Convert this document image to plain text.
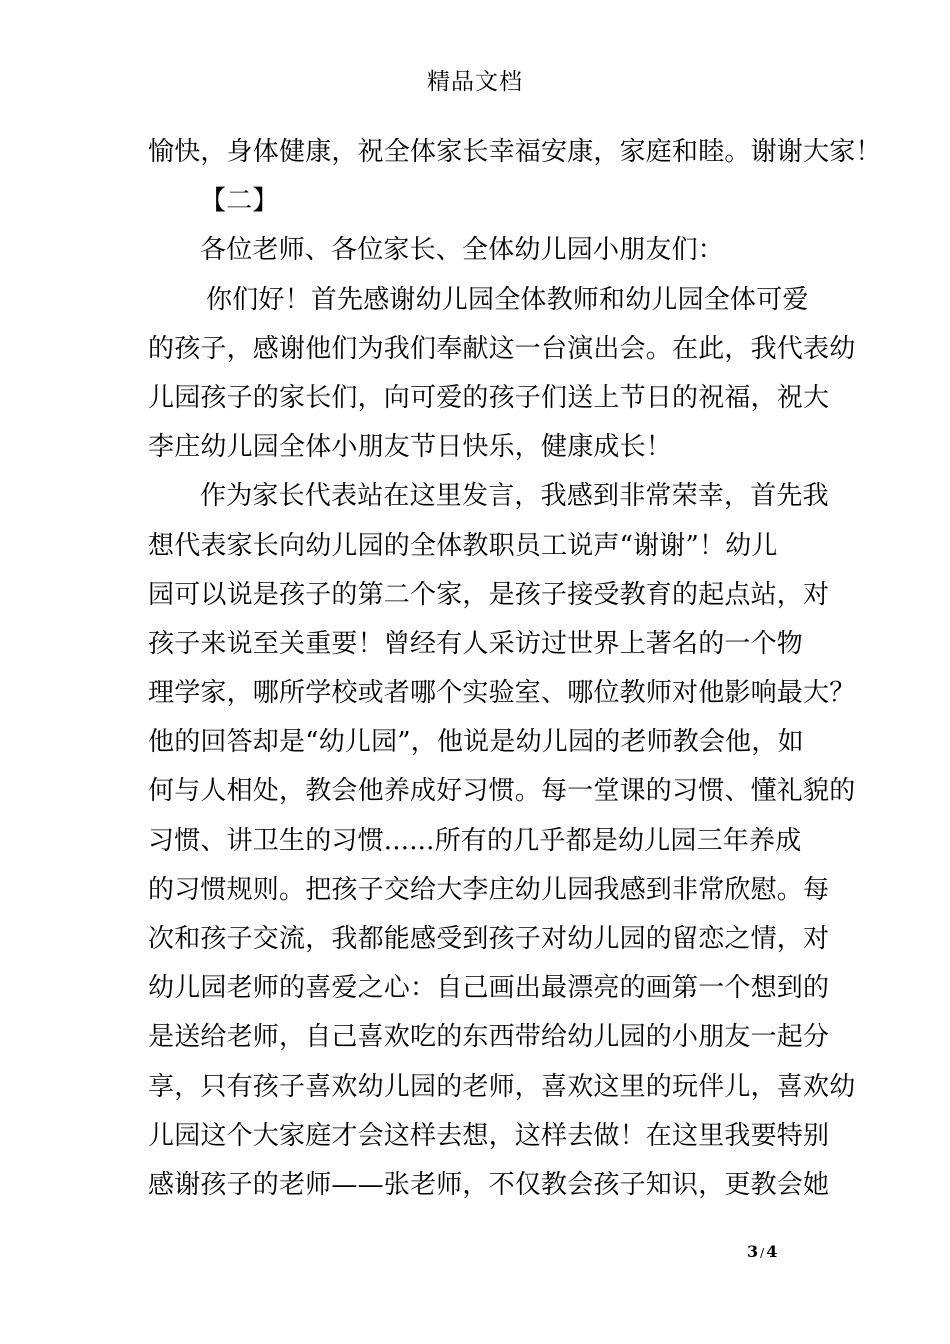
精品文档
愉快，身体健康，祝全体家长幸福安康，家庭和睦。谢谢大家！
【二】
各位老师、各位家长、全体幼儿园小朋友们：
你们好！首先感谢幼儿园全体教师和幼儿园全体可爱
的孩子，感谢他们为我们奉献这一台演出会。在此，我代表幼
儿园孩子的家长们，向可爱的孩子们送上节日的祝福，祝大
李庄幼儿园全体小朋友节日快乐，健康成长！
作为家长代表站在这里发言，我感到非常荣幸，首先我
想代表家长向幼儿园的全体教职员工说声“谢谢”！幼儿
园可以说是孩子的第二个家，是孩子接受教育的起点站，对
孩子来说至关重要！曾经有人采访过世界上著名的一个物
理学家，哪所学校或者哪个实验室、哪位教师对他影响最大？
他的回答却是“幼儿园”，他说是幼儿园的老师教会他，如
何与人相处，教会他养成好习惯。每一堂课的习惯、懂礼貌的
习惯、讲卫生的习惯......所有的几乎都是幼儿园三年养成
的习惯规则。把孩子交给大李庄幼儿园我感到非常欣慰。每
次和孩子交流，我都能感受到孩子对幼儿园的留恋之情，对
幼儿园老师的喜爱之心：自己画出最漂亮的画第一个想到的
是送给老师，自己喜欢吃的东西带给幼儿园的小朋友一起分
享，只有孩子喜欢幼儿园的老师，喜欢这里的玩伴儿，喜欢幼
儿园这个大家庭才会这样去想，这样去做！在这里我要特别
感谢孩子的老师——张老师，不仅教会孩子知识，更教会她
3 / 4
